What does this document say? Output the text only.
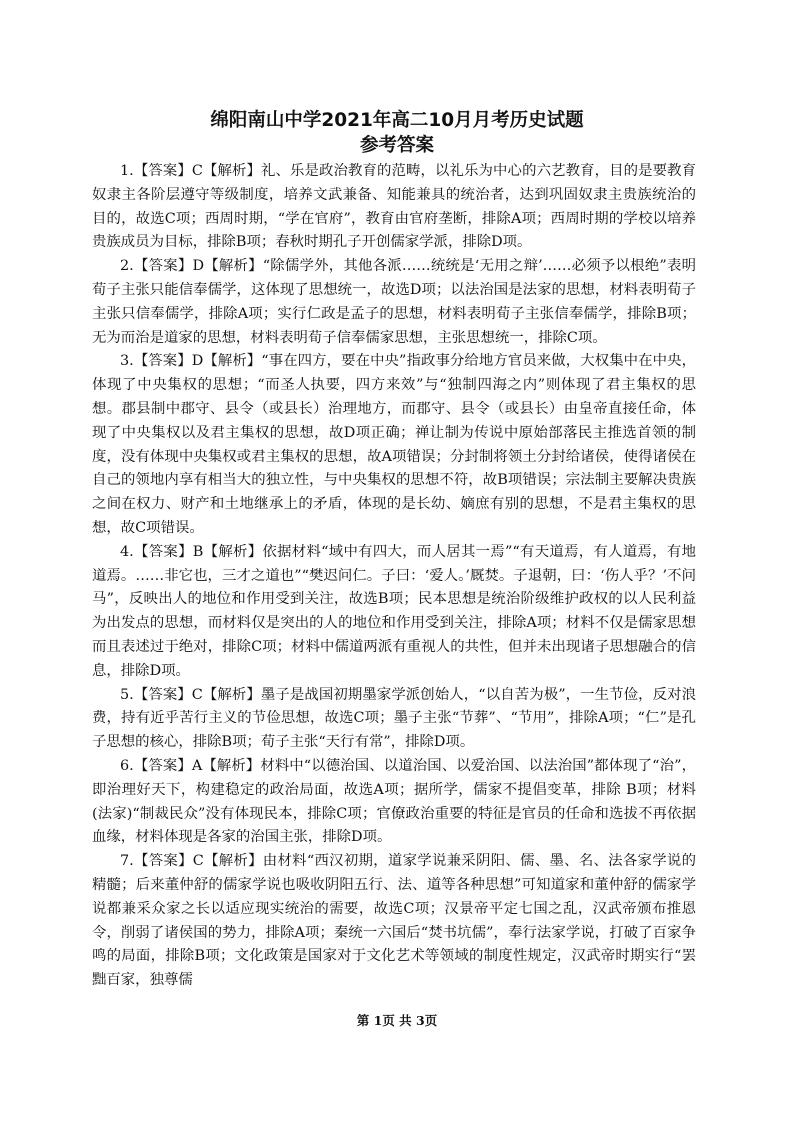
绵阳南山中学2021年高二10月月考历史试题
参考答案

1.【答案】C【解析】礼、乐是政治教育的范畴，以礼乐为中心的六艺教育，目的是要教育奴隶主各阶层遵守等级制度，培养文武兼备、知能兼具的统治者，达到巩固奴隶主贵族统治的目的，故选C项；西周时期，“学在官府”，教育由官府垄断，排除A项；西周时期的学校以培养贵族成员为目标，排除B项；春秋时期孔子开创儒家学派，排除D项。

2.【答案】D【解析】“除儒学外，其他各派……统统是‘无用之辩’……必须予以根绝”表明荀子主张只能信奉儒学，这体现了思想统一，故选D项；以法治国是法家的思想，材料表明荀子主张只信奉儒学，排除A项；实行仁政是孟子的思想，材料表明荀子主张信奉儒学，排除B项；无为而治是道家的思想，材料表明荀子信奉儒家思想，主张思想统一，排除C项。

3.【答案】D【解析】“事在四方，要在中央”指政事分给地方官员来做，大权集中在中央，体现了中央集权的思想；“而圣人执要，四方来效”与“独制四海之内”则体现了君主集权的思想。郡县制中郡守、县令（或县长）治理地方，而郡守、县令（或县长）由皇帝直接任命，体现了中央集权以及君主集权的思想，故D项正确；禅让制为传说中原始部落民主推选首领的制度，没有体现中央集权或君主集权的思想，故A项错误；分封制将领土分封给诸侯，使得诸侯在自己的领地内享有相当大的独立性，与中央集权的思想不符，故B项错误；宗法制主要解决贵族之间在权力、财产和土地继承上的矛盾，体现的是长幼、嫡庶有别的思想，不是君主集权的思想，故C项错误。

4.【答案】B【解析】依据材料“域中有四大，而人居其一焉”“有天道焉，有人道焉，有地道焉。……非它也，三才之道也”“樊迟问仁。子曰：‘爱人。’厩焚。子退朝，曰：‘伤人乎？’不问马”，反映出人的地位和作用受到关注，故选B项；民本思想是统治阶级维护政权的以人民利益为出发点的思想，而材料仅是突出的人的地位和作用受到关注，排除A项；材料不仅是儒家思想而且表述过于绝对，排除C项；材料中儒道两派有重视人的共性，但并未出现诸子思想融合的信息，排除D项。

5.【答案】C【解析】墨子是战国初期墨家学派创始人，“以自苦为极”，一生节俭，反对浪费，持有近乎苦行主义的节俭思想，故选C项；墨子主张“节葬”、“节用”，排除A项；“仁”是孔子思想的核心，排除B项；荀子主张“天行有常”，排除D项。

6.【答案】A【解析】材料中“以德治国、以道治国、以爱治国、以法治国”都体现了“治”，即治理好天下，构建稳定的政治局面，故选A项；据所学，儒家不提倡变革，排除 B项；材料(法家)“制裁民众”没有体现民本，排除C项；官僚政治重要的特征是官员的任命和选拔不再依据血缘，材料体现是各家的治国主张，排除D项。

7.【答案】C【解析】由材料“西汉初期，道家学说兼采阴阳、儒、墨、名、法各家学说的精髓；后来董仲舒的儒家学说也吸收阴阳五行、法、道等各种思想”可知道家和董仲舒的儒家学说都兼采众家之长以适应现实统治的需要，故选C项；汉景帝平定七国之乱，汉武帝颁布推恩令，削弱了诸侯国的势力，排除A项；秦统一六国后“焚书坑儒”，奉行法家学说，打破了百家争鸣的局面，排除B项；文化政策是国家对于文化艺术等领域的制度性规定，汉武帝时期实行“罢黜百家，独尊儒

第 1页 共 3页
